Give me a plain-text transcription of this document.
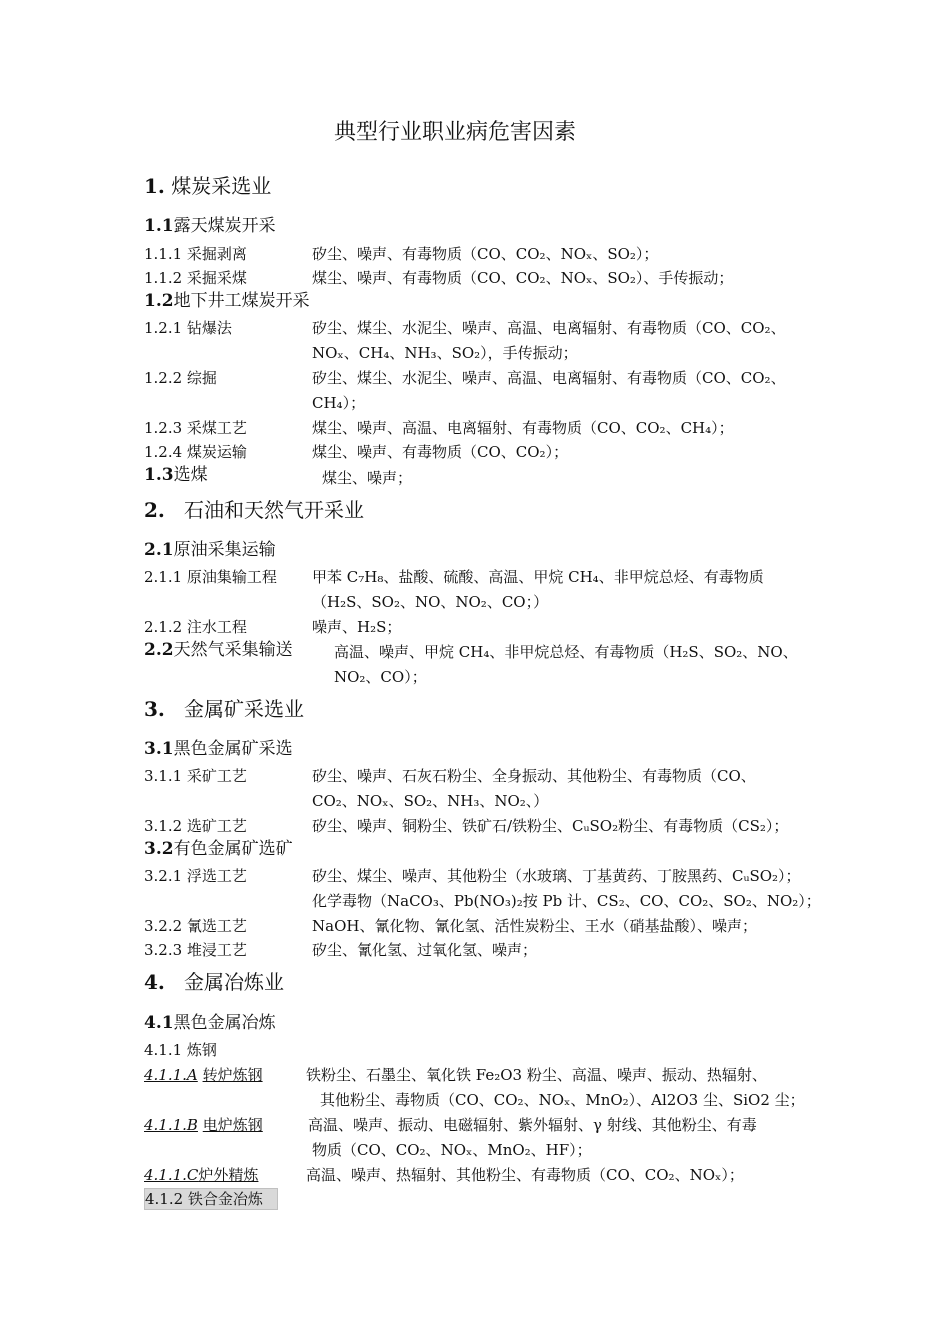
典型行业职业病危害因素
1. 煤炭采选业
1.1露天煤炭开采
1.1.1 采掘剥离	矽尘、噪声、有毒物质（CO、CO₂、NOₓ、SO₂）；
1.1.2 采掘采煤	煤尘、噪声、有毒物质（CO、CO₂、NOₓ、SO₂）、手传振动；
1.2地下井工煤炭开采
1.2.1 钻爆法	矽尘、煤尘、水泥尘、噪声、高温、电离辐射、有毒物质（CO、CO₂、
NOₓ、CH₄、NH₃、SO₂），手传振动；
1.2.2 综掘	矽尘、煤尘、水泥尘、噪声、高温、电离辐射、有毒物质（CO、CO₂、
CH₄）；
1.2.3 采煤工艺	煤尘、噪声、高温、电离辐射、有毒物质（CO、CO₂、CH₄）；
1.2.4 煤炭运输	煤尘、噪声、有毒物质（CO、CO₂）；
1.3选煤	煤尘、噪声；
2. 石油和天然气开采业
2.1原油采集运输
2.1.1 原油集输工程 甲苯 C₇H₈、盐酸、硫酸、高温、甲烷 CH₄、非甲烷总烃、有毒物质
（H₂S、SO₂、NO、NO₂、CO；）
2.1.2 注水工程	噪声、H₂S；
2.2天然气采集输送	高温、噪声、甲烷 CH₄、非甲烷总烃、有毒物质（H₂S、SO₂、NO、
NO₂、CO）；
3. 金属矿采选业
3.1黑色金属矿采选
3.1.1 采矿工艺	矽尘、噪声、石灰石粉尘、全身振动、其他粉尘、有毒物质（CO、
CO₂、NOₓ、SO₂、NH₃、NO₂、）
3.1.2 选矿工艺	矽尘、噪声、铜粉尘、铁矿石/铁粉尘、CᵤSO₂粉尘、有毒物质（CS₂）；
3.2有色金属矿选矿
3.2.1 浮选工艺	矽尘、煤尘、噪声、其他粉尘（水玻璃、丁基黄药、丁胺黑药、CᵤSO₂）；
化学毒物（NaCO₃、Pb(NO₃)₂按 Pb 计、CS₂、CO、CO₂、SO₂、NO₂）；
3.2.2 氰选工艺	NaOH、氰化物、氰化氢、活性炭粉尘、王水（硝基盐酸）、噪声；
3.2.3 堆浸工艺	矽尘、氰化氢、过氧化氢、噪声；
4. 金属冶炼业
4.1黑色金属冶炼
4.1.1 炼钢
4.1.1.A 转炉炼钢	铁粉尘、石墨尘、氧化铁 Fe₂O3 粉尘、高温、噪声、振动、热辐射、
其他粉尘、毒物质（CO、CO₂、NOₓ、MnO₂）、Al2O3 尘、SiO2 尘；
4.1.1.B 电炉炼钢	高温、噪声、振动、电磁辐射、紫外辐射、γ 射线、其他粉尘、有毒
物质（CO、CO₂、NOₓ、MnO₂、HF）；
4.1.1.C炉外精炼	高温、噪声、热辐射、其他粉尘、有毒物质（CO、CO₂、NOₓ）；
4.1.2 铁合金冶炼
